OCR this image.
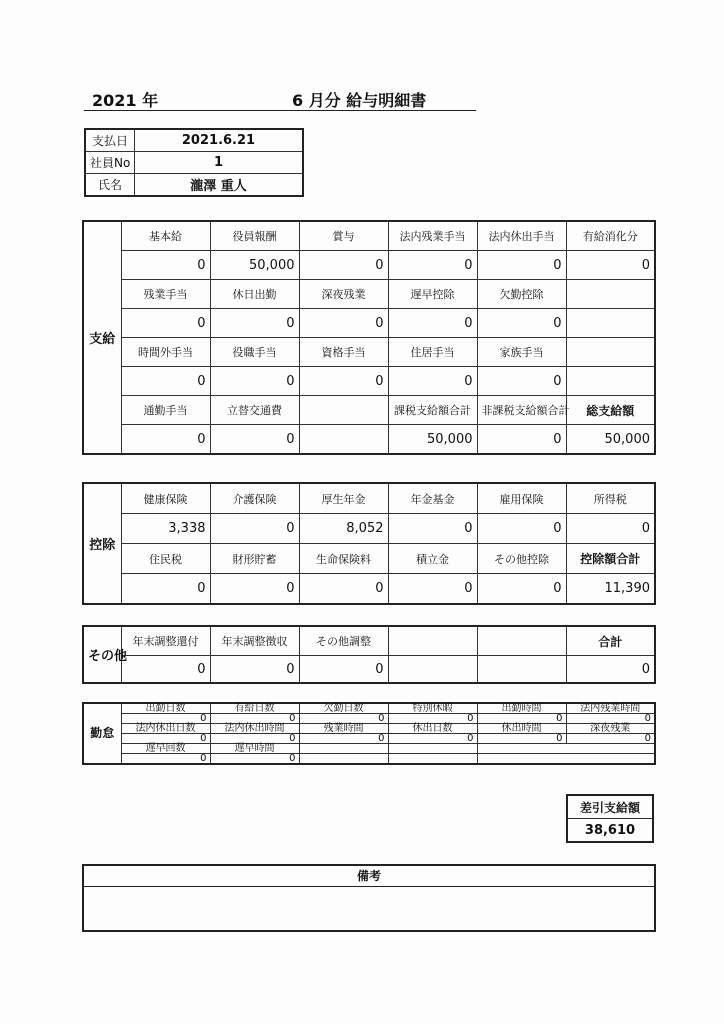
2021 年	6 月分 給与明細書
支払日	2021.6.21
社員No	1
氏名	瀧澤 重人
支給	基本給	役員報酬	賞与	法内残業手当	法内休出手当	有給消化分
	0	50,000	0	0	0	0
	残業手当	休日出勤	深夜残業	遅早控除	欠勤控除	
	0	0	0	0	0	
	時間外手当	役職手当	資格手当	住居手当	家族手当	
	0	0	0	0	0	
	通勤手当	立替交通費		課税支給額合計	非課税支給額合計	総支給額
	0	0		50,000	0	50,000
控除	健康保険	介護保険	厚生年金	年金基金	雇用保険	所得税
	3,338	0	8,052	0	0	0
	住民税	財形貯蓄	生命保険料	積立金	その他控除	控除額合計
	0	0	0	0	0	11,390
その他	年末調整還付	年末調整徴収	その他調整			合計
	0	0	0			0
勤怠	出勤日数	有給日数	欠勤日数	特別休暇	出勤時間	法内残業時間
	0	0	0	0	0	0
	法内休出日数	法内休出時間	残業時間	休出日数	休出時間	深夜残業
	0	0	0	0	0	0
	遅早回数	遅早時間				
	0	0				
差引支給額
38,610
備考
